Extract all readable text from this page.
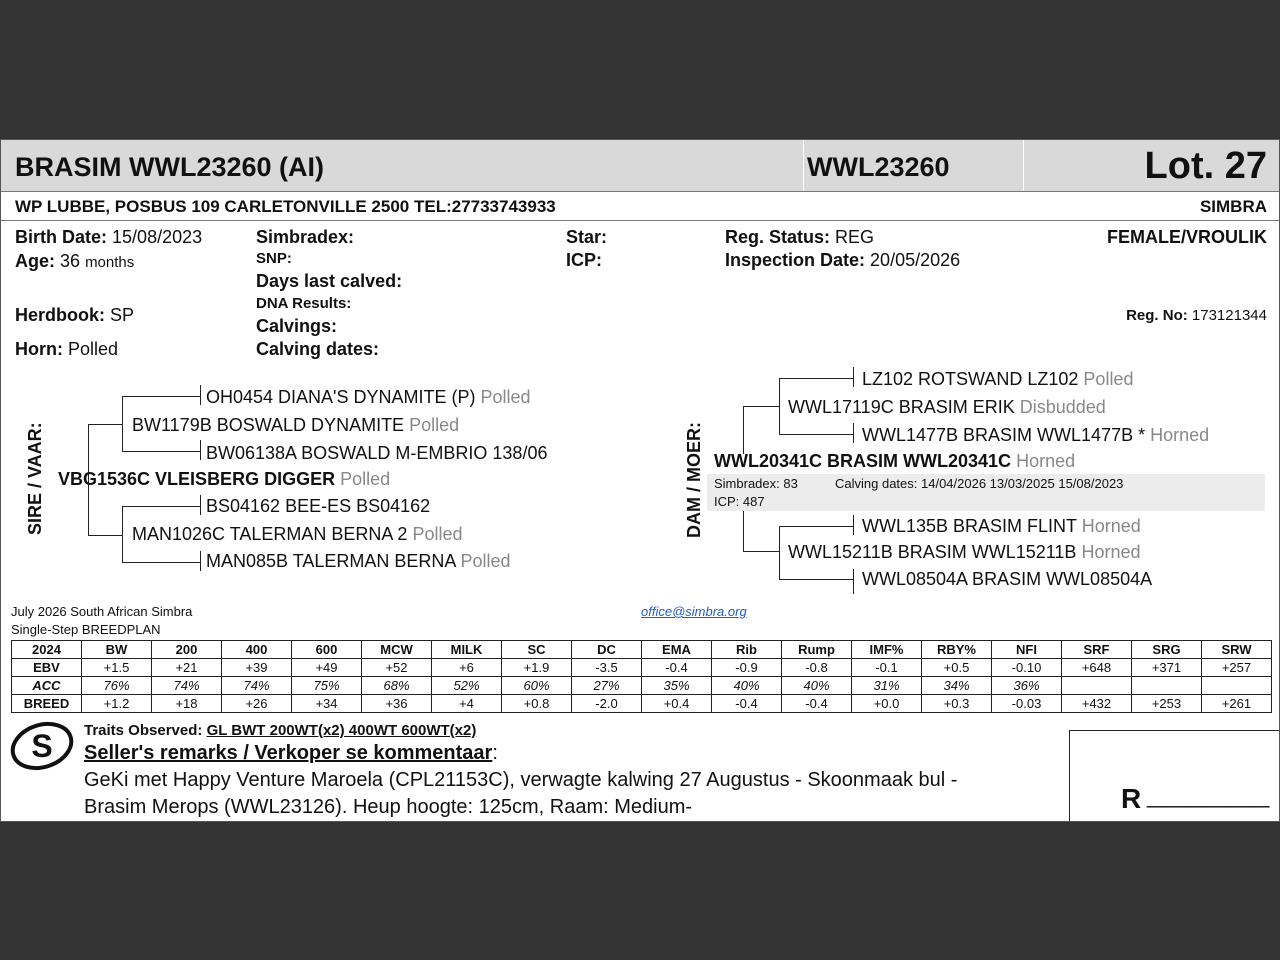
BRASIM WWL23260 (AI)	WWL23260	Lot. 27
WP LUBBE, POSBUS 109 CARLETONVILLE 2500 TEL:27733743933	SIMBRA
Birth Date: 15/08/2023
Age: 36 months
Herdbook: SP
Horn: Polled
Simbradex:
SNP:
Days last calved:
DNA Results:
Calvings:
Calving dates:
Star:
ICP:
Reg. Status: REG
Inspection Date: 20/05/2026
FEMALE/VROULIK
Reg. No: 173121344
SIRE / VAAR:
OH0454 DIANA'S DYNAMITE (P) Polled
BW1179B BOSWALD DYNAMITE Polled
BW06138A BOSWALD M-EMBRIO 138/06
VBG1536C VLEISBERG DIGGER Polled
BS04162 BEE-ES BS04162
MAN1026C TALERMAN BERNA 2 Polled
MAN085B TALERMAN BERNA Polled
DAM / MOER:
LZ102 ROTSWAND LZ102 Polled
WWL17119C BRASIM ERIK Disbudded
WWL1477B BRASIM WWL1477B * Horned
WWL20341C BRASIM WWL20341C Horned
Simbradex: 83	Calving dates: 14/04/2026 13/03/2025 15/08/2023
ICP: 487
WWL135B BRASIM FLINT Horned
WWL15211B BRASIM WWL15211B Horned
WWL08504A BRASIM WWL08504A
July 2026 South African Simbra
Single-Step BREEDPLAN
office@simbra.org
2024	BW	200	400	600	MCW	MILK	SC	DC	EMA	Rib	Rump	IMF%	RBY%	NFI	SRF	SRG	SRW
EBV	+1.5	+21	+39	+49	+52	+6	+1.9	-3.5	-0.4	-0.9	-0.8	-0.1	+0.5	-0.10	+648	+371	+257
ACC	76%	74%	74%	75%	68%	52%	60%	27%	35%	40%	40%	31%	34%	36%			
BREED	+1.2	+18	+26	+34	+36	+4	+0.8	-2.0	+0.4	-0.4	-0.4	+0.0	+0.3	-0.03	+432	+253	+261
S Traits Observed: GL BWT 200WT(x2) 400WT 600WT(x2)
Seller's remarks / Verkoper se kommentaar:
GeKi met Happy Venture Maroela (CPL21153C), verwagte kalwing 27 Augustus - Skoonmaak bul -
Brasim Merops (WWL23126). Heup hoogte: 125cm, Raam: Medium-	R __________
